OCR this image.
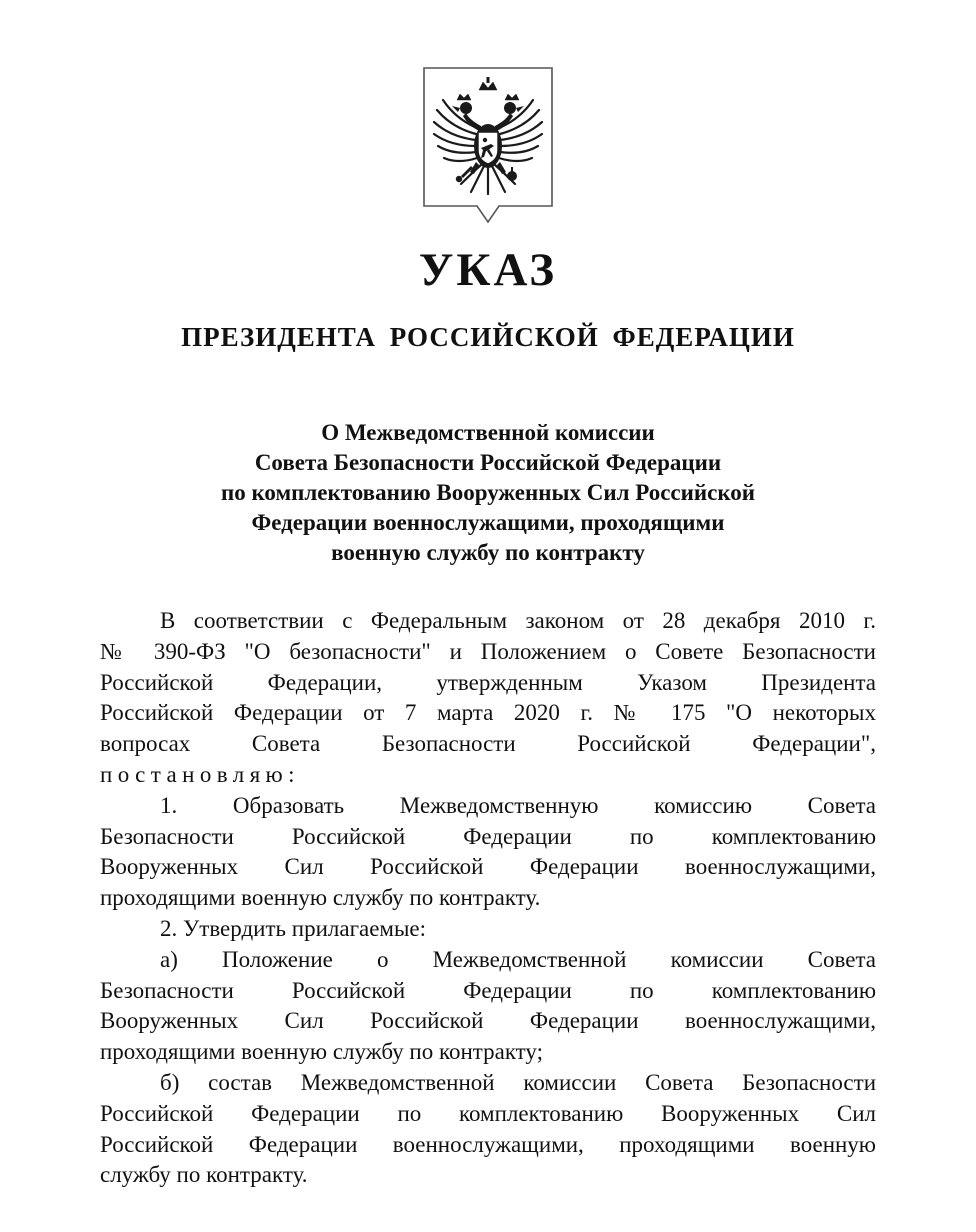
УКАЗ
ПРЕЗИДЕНТА РОССИЙСКОЙ ФЕДЕРАЦИИ
О Межведомственной комиссии
Совета Безопасности Российской Федерации
по комплектованию Вооруженных Сил Российской
Федерации военнослужащими, проходящими
военную службу по контракту

В соответствии с Федеральным законом от 28 декабря 2010 г.

№ 390-ФЗ "О безопасности" и Положением о Совете Безопасности

Российской Федерации, утвержденным Указом Президента

Российской Федерации от 7 марта 2020 г. № 175 "О некоторых

вопросах Совета Безопасности Российской Федерации",

постановляю:

1. Образовать Межведомственную комиссию Совета

Безопасности Российской Федерации по комплектованию

Вооруженных Сил Российской Федерации военнослужащими,

проходящими военную службу по контракту.

2. Утвердить прилагаемые:

а) Положение о Межведомственной комиссии Совета

Безопасности Российской Федерации по комплектованию

Вооруженных Сил Российской Федерации военнослужащими,

проходящими военную службу по контракту;

б) состав Межведомственной комиссии Совета Безопасности

Российской Федерации по комплектованию Вооруженных Сил

Российской Федерации военнослужащими, проходящими военную

службу по контракту.
